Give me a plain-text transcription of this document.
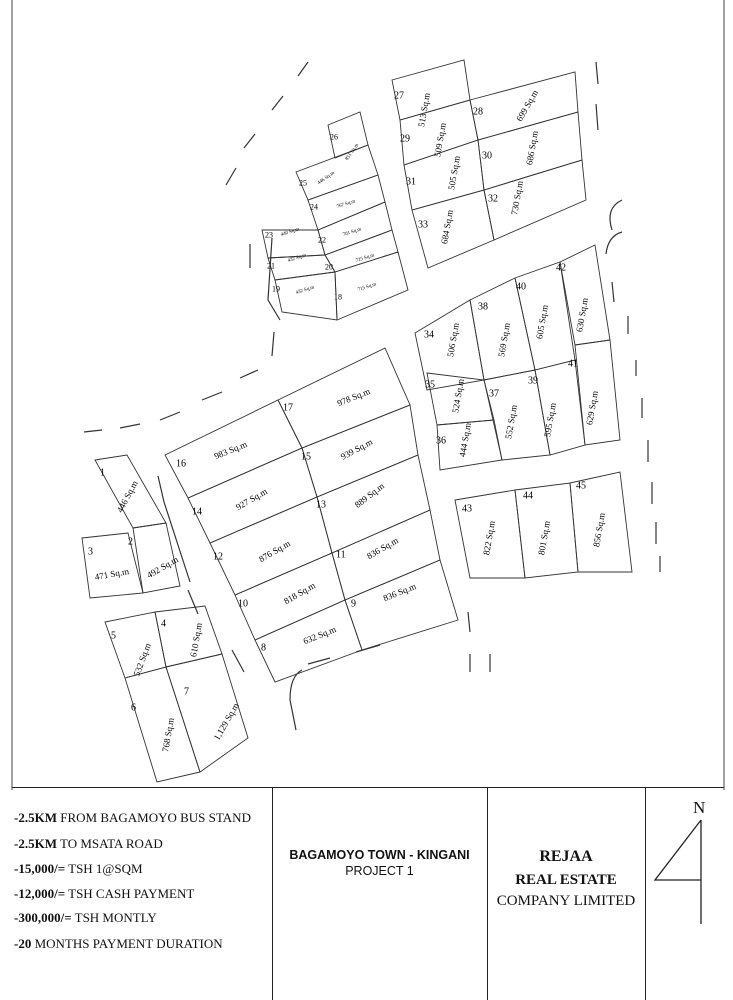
1
446 Sq.m
2
492 Sq.m
3
471 Sq.m
4 610 Sq.m
5
532 Sq.m
6
768 Sq.m
7
1,129 Sq.m
8
632 Sq.m
9
836 Sq.m
10	818 Sq.m
11 836 Sq.m
12	876 Sq.m
13	889 Sq.m
14	927 Sq.m
15	939 Sq.m
16
983 Sq.m
17	978 Sq.m
18
715 Sq.m
19	432 Sq.m
20
725 Sq.m
21
432 Sq.m
22
701 Sq.m
23 440 Sq.m
24	767 Sq.m
25 446 Sq.m
26
851 Sq.m
27 513 Sq.m	28	699 Sq.m
29 509 Sq.m	30	686 Sq.m
31	505 Sq.m
32 730 Sq.m
33 684 Sq.m
34 506 Sq.m
35 524 Sq.m
36 444 Sq.m
37
552 Sq.m
38
569 Sq.m
39
595 Sq.m
40
605 Sq.m
41
629 Sq.m
42
630 Sq.m
43
822 Sq.m
44
801 Sq.m
45
856 Sq.m
-2.5KM FROM BAGAMOYO BUS STAND
-2.5KM TO MSATA ROAD
-15,000/= TSH 1@SQM
-12,000/= TSH CASH PAYMENT
-300,000/= TSH MONTLY
-20 MONTHS PAYMENT DURATION
BAGAMOYO TOWN - KINGANI
PROJECT 1
REJAA
REAL ESTATE
COMPANY LIMITED
N
